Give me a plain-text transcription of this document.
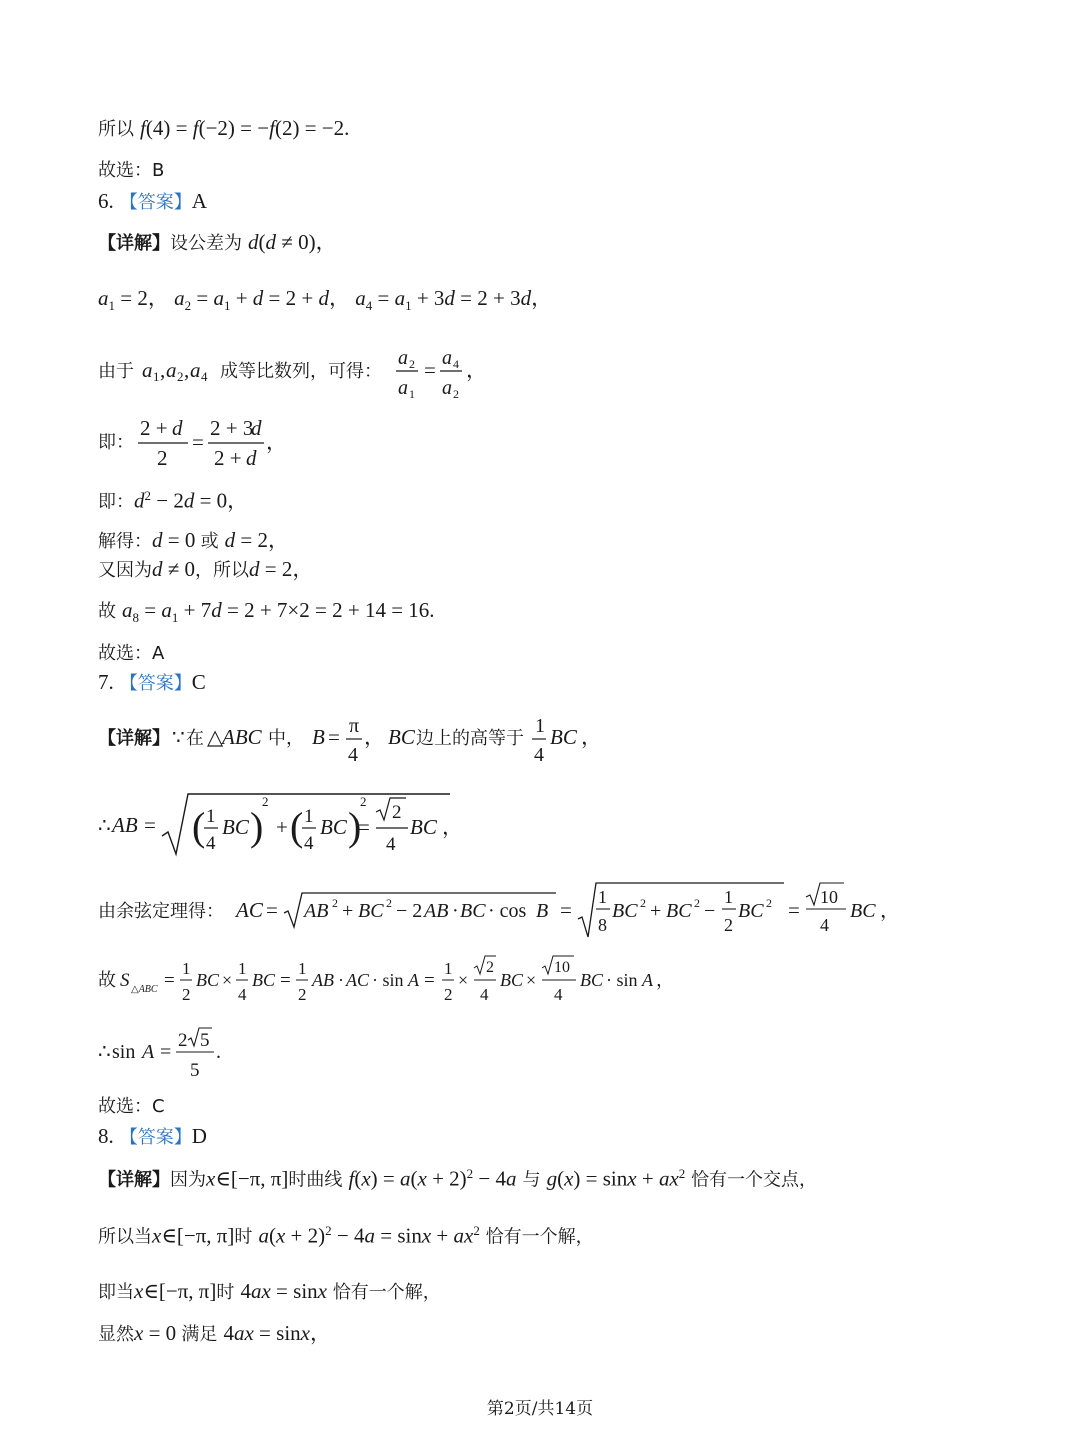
所以 f(4) = f(−2) = −f(2) = −2.
故选：B
6. 【答案】A
【详解】设公差为 d(d ≠ 0)，
$a_1 = 2$， $a_2 = a_1 + d = 2 + d$， $a_4 = a_1 + 3d = 2 + 3d$，
由于 a 1 , a 2 , a 4 成等比数列，可得：
a 2
a 1
= a 4
a 2
，
即：
2 + d
2
=
2 + 3
d
2 + d
，
即：$d^2 - 2d = 0$，
解得：d = 0 或 d = 2，
又因为d ≠ 0，所以d = 2，
故 $a_8 = a_1 + 7d = 2 + 7\times 2 = 2 + 14 = 16$.
故选：A
7. 【答案】C
【详解】 ∵ 在 △
ABC 中， B = π
4
， BC 边上的高等于
1
4
BC ，
∴ AB = ( 1
4
BC )
2
+ ( 1
4
BC )
2
=
2
4
BC ，
由余弦定理得： AC = AB 2 + BC 2 − 2 AB · BC · cos B =
1
8
BC 2 + BC 2 −
1
2
BC 2 =
10
4
BC ，
故 S △ABC =
1
2
BC ×
1
4
BC =
1
2
AB · AC · sin A =
1
2
×
2
4
BC ×
10
4
BC · sin A ，
∴ sin A =
2 5
5
.
故选：C
8. 【答案】D
【详解】因为x∈[−π, π]时曲线 $f(x) = a(x + 2)^2 - 4a$ 与 $g(x) = \sin x + ax^2$ 恰有一个交点，
所以当x∈[−π, π]时 $a(x + 2)^2 - 4a = \sin x + ax^2$ 恰有一个解，
即当x∈[−π, π]时 4ax = sinx 恰有一个解，
显然x = 0 满足 4ax = sinx，
第2页/共14页
